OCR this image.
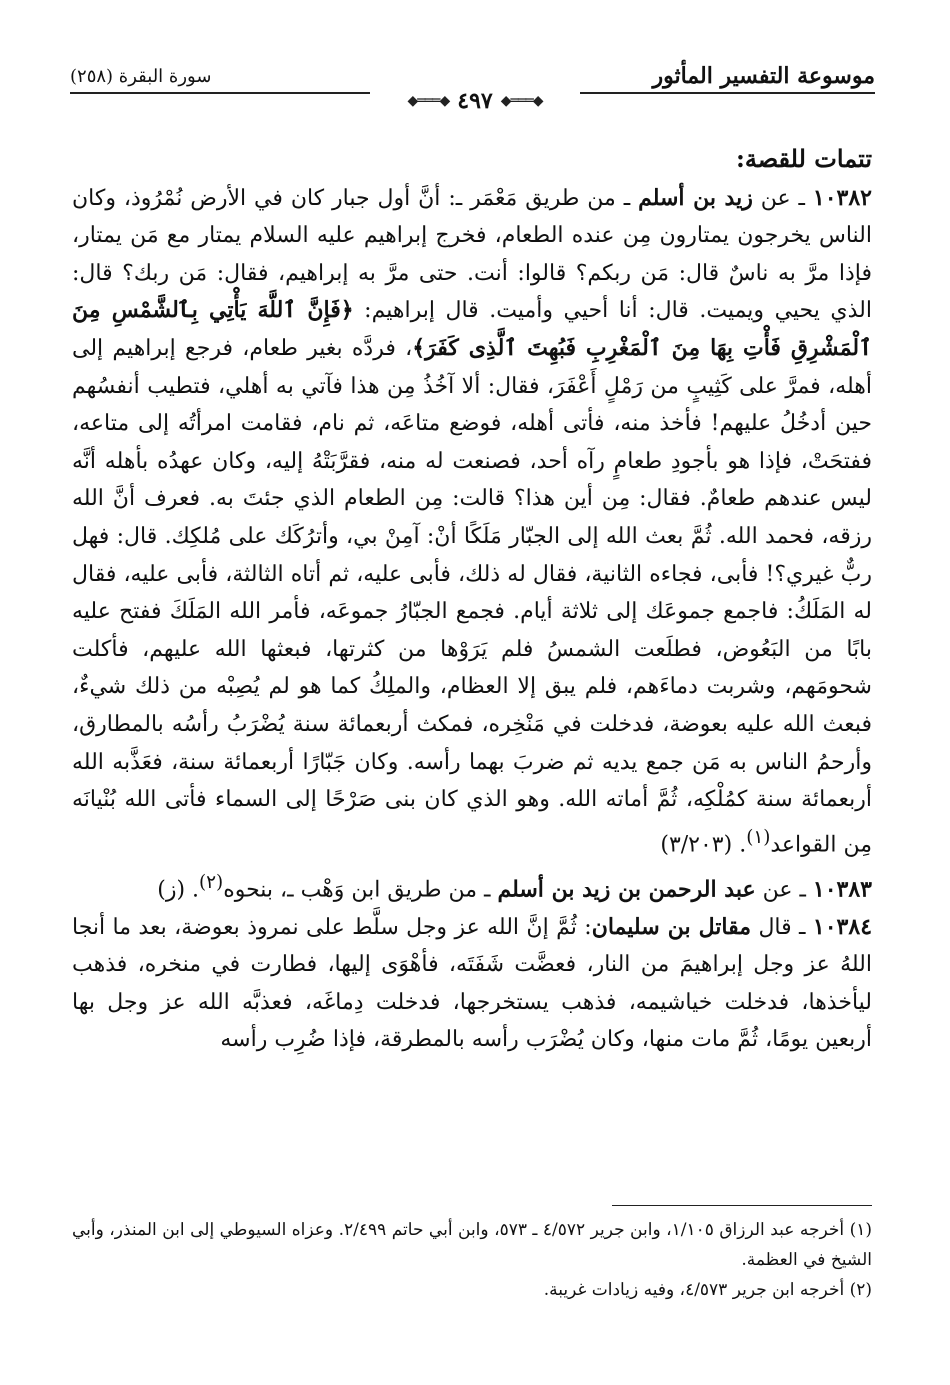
موسوعة التفسير المأثور
سورة البقرة (٢٥٨)
◆═══◆ ٤٩٧ ◆═══◆

تتمات للقصة:

١٠٣٨٢ ـ عن زيد بن أسلم ـ من طريق مَعْمَر ـ: أنَّ أول جبار كان في الأرض نُمْرُوذ، وكان الناس يخرجون يمتارون مِن عنده الطعام، فخرج إبراهيم عليه السلام يمتار مع مَن يمتار، فإذا مرَّ به ناسٌ قال: مَن ربكم؟ قالوا: أنت. حتى مرَّ به إبراهيم، فقال: مَن ربك؟ قال: الذي يحيي ويميت. قال: أنا أحيي وأميت. قال إبراهيم: ﴿فَإِنَّ ٱللَّهَ يَأْتِي بِٱلشَّمْسِ مِنَ ٱلْمَشْرِقِ فَأْتِ بِهَا مِنَ ٱلْمَغْرِبِ فَبُهِتَ ٱلَّذِى كَفَرَ﴾، فردَّه بغير طعام، فرجع إبراهيم إلى أهله، فمرَّ على كَثِيبٍ من رَمْلٍ أَعْفَرَ، فقال: ألا آخُذُ مِن هذا فآتي به أهلي، فتطيب أنفسُهم حين أدخُلُ عليهم! فأخذ منه، فأتى أهله، فوضع متاعَه، ثم نام، فقامت امرأتُه إلى متاعه، ففتحَتْ، فإذا هو بأجودِ طعامٍ رآه أحد، فصنعت له منه، فقرَّبَتْهُ إليه، وكان عهدُه بأهله أنَّه ليس عندهم طعامٌ. فقال: مِن أين هذا؟ قالت: مِن الطعام الذي جئتَ به. فعرف أنَّ الله رزقه، فحمد الله. ثُمَّ بعث الله إلى الجبّار مَلَكًا أنْ: آمِنْ بي، وأترُكَك على مُلكِك. قال: فهل ربٌّ غيري؟! فأبى، فجاءه الثانية، فقال له ذلك، فأبى عليه، ثم أتاه الثالثة، فأبى عليه، فقال له المَلَكُ: فاجمع جموعَك إلى ثلاثة أيام. فجمع الجبّارُ جموعَه، فأمر الله المَلَكَ ففتح عليه بابًا من البَعُوض، فطلَعت الشمسُ فلم يَرَوْها من كثرتها، فبعثها الله عليهم، فأكلت شحومَهم، وشربت دماءَهم، فلم يبق إلا العظام، والملِكُ كما هو لم يُصِبْه من ذلك شيءٌ، فبعث الله عليه بعوضة، فدخلت في مَنْخِره، فمكث أربعمائة سنة يُضْرَبُ رأسُه بالمطارق، وأرحمُ الناس به مَن جمع يديه ثم ضربَ بهما رأسه. وكان جَبّارًا أربعمائة سنة، فعَذَّبه الله أربعمائة سنة كمُلْكِه، ثُمَّ أماته الله. وهو الذي كان بنى صَرْحًا إلى السماء فأتى الله بُنْيانَه مِن القواعد$^{(١)}$. (٣/٢٠٣)

١٠٣٨٣ ـ عن عبد الرحمن بن زيد بن أسلم ـ من طريق ابن وَهْب ـ، بنحوه$^{(٢)}$. (ز)

١٠٣٨٤ ـ قال مقاتل بن سليمان: ثُمَّ إنَّ الله عز وجل سلَّط على نمروذ بعوضة، بعد ما أنجا اللهُ عز وجل إبراهيمَ من النار، فعضَّت شَفَتَه، فأهْوَى إليها، فطارت في منخره، فذهب ليأخذها، فدخلت خياشيمه، فذهب يستخرجها، فدخلت دِماغَه، فعذبَّه الله عز وجل بها أربعين يومًا، ثُمَّ مات منها، وكان يُضْرَب رأسه بالمطرقة، فإذا ضُرِب رأسه

(١) أخرجه عبد الرزاق ١/١٠٥، وابن جرير ٤/٥٧٢ ـ ٥٧٣، وابن أبي حاتم ٢/٤٩٩. وعزاه السيوطي إلى ابن المنذر، وأبي الشيخ في العظمة.

(٢) أخرجه ابن جرير ٤/٥٧٣، وفيه زيادات غريبة.
